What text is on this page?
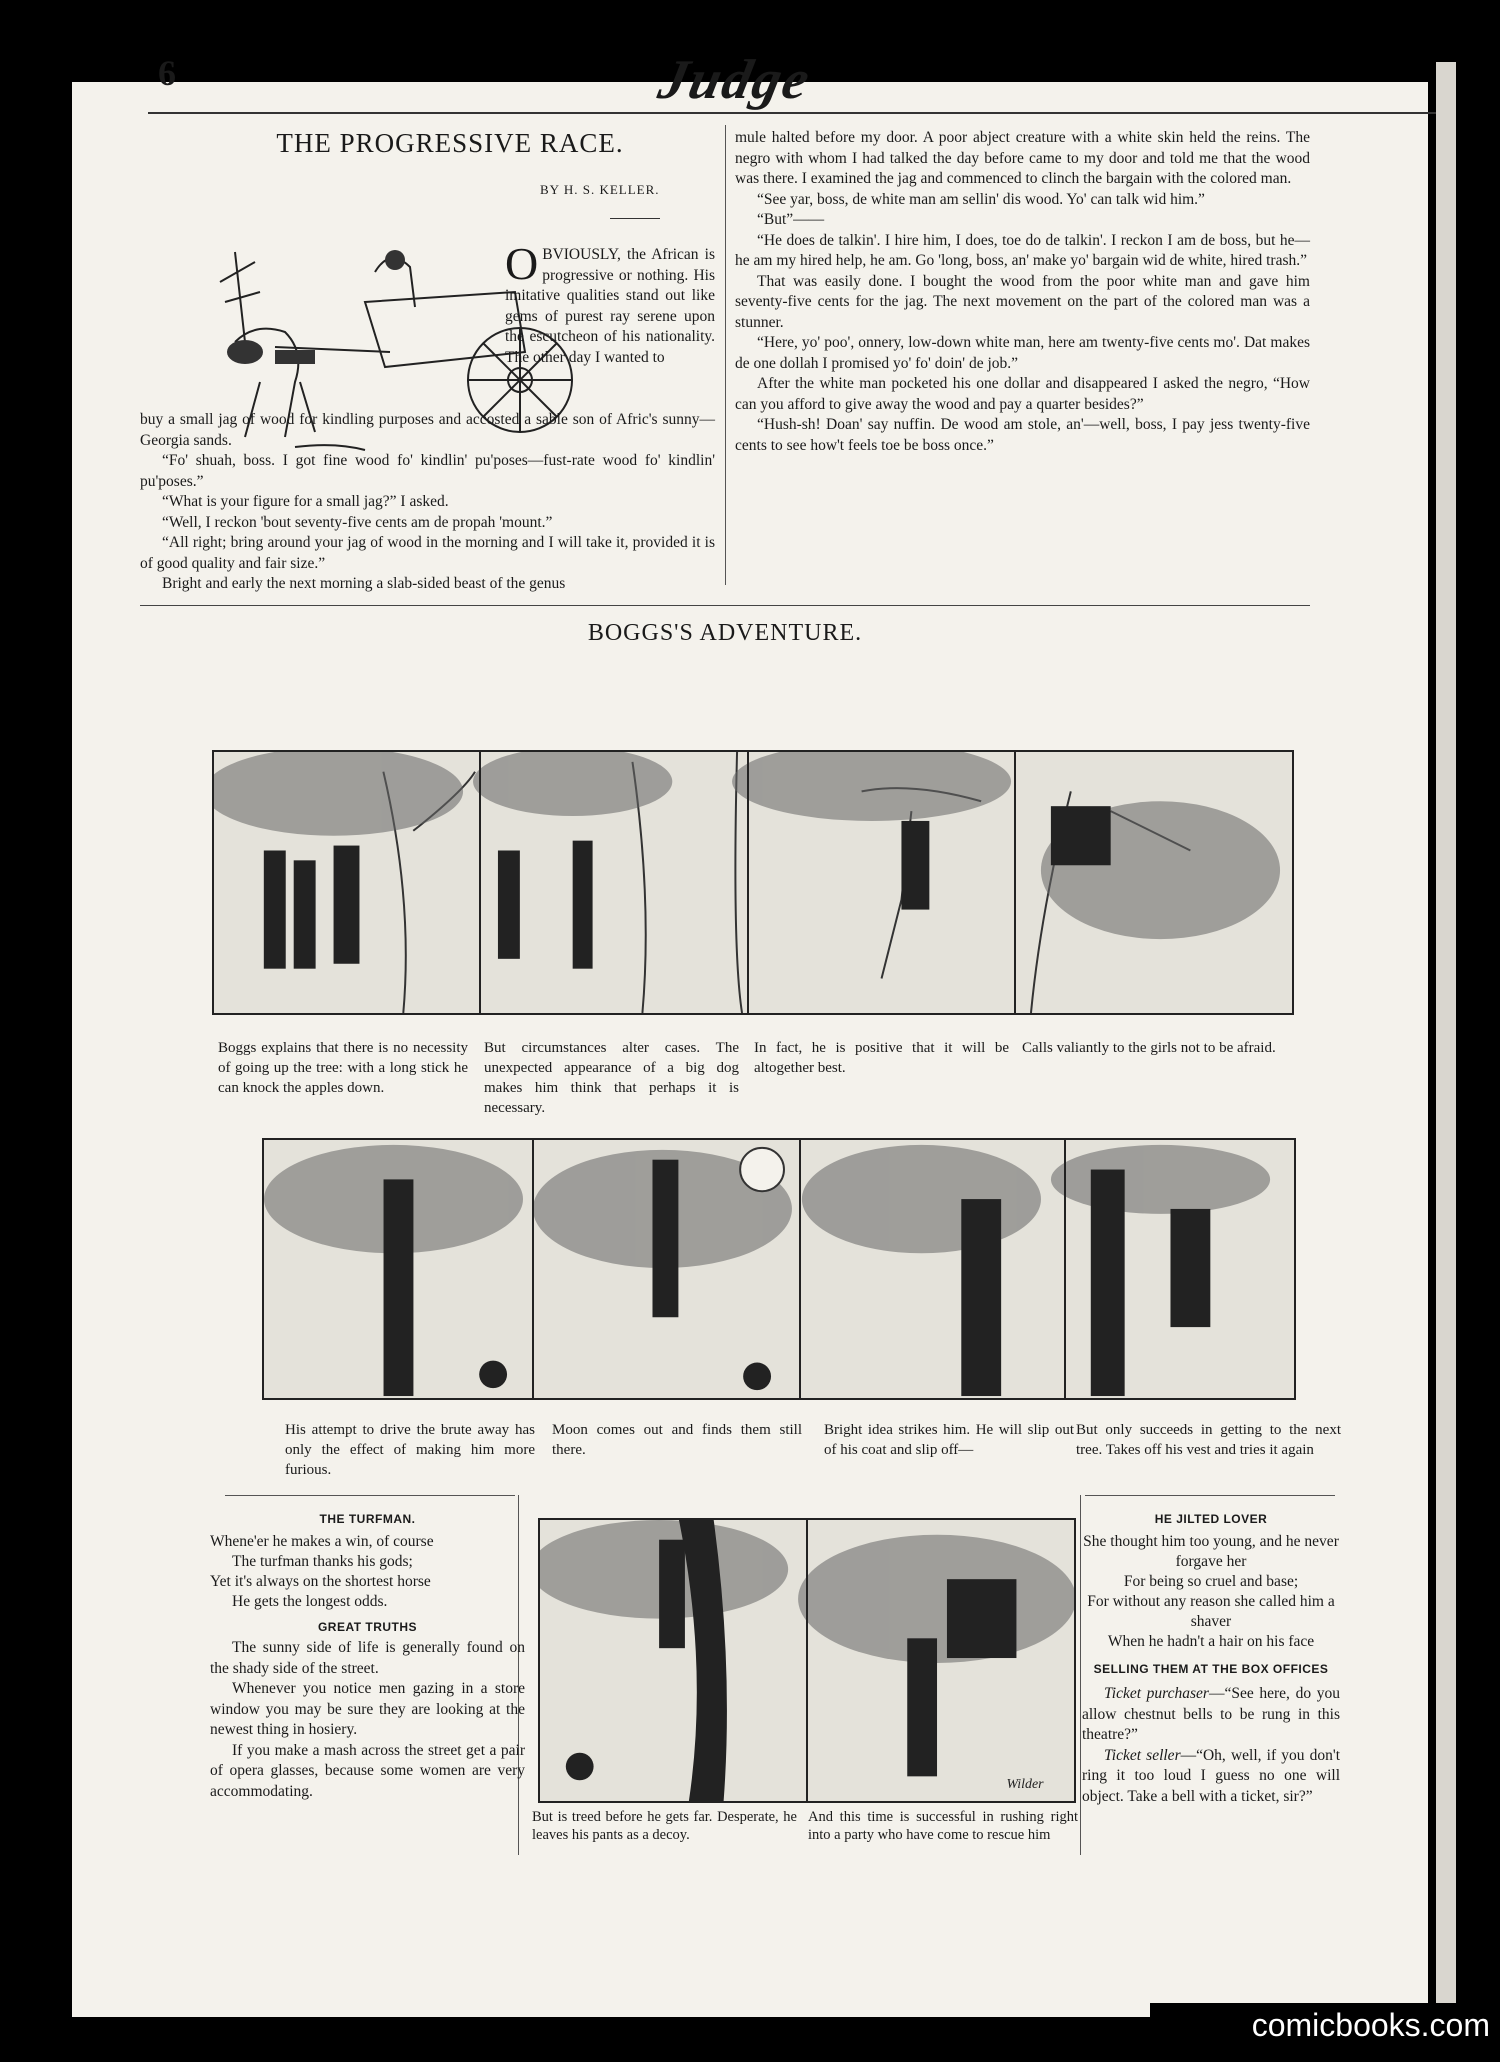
6	Judge
THE PROGRESSIVE RACE.
BY H. S. KELLER.
OBVIOUSLY, the African is progressive or nothing. His imitative qualities stand out like gems of purest ray serene upon the escutcheon of his nationality. The other day I wanted to

buy a small jag of wood for kindling purposes and accosted a sable son of Afric's sunny—Georgia sands.

“Fo' shuah, boss. I got fine wood fo' kindlin' pu'poses—fust-rate wood fo' kindlin' pu'poses.”

“What is your figure for a small jag?” I asked.

“Well, I reckon 'bout seventy-five cents am de propah 'mount.”

“All right; bring around your jag of wood in the morning and I will take it, provided it is of good quality and fair size.”

Bright and early the next morning a slab-sided beast of the genus

mule halted before my door. A poor abject creature with a white skin held the reins. The negro with whom I had talked the day before came to my door and told me that the wood was there. I examined the jag and commenced to clinch the bargain with the colored man.

“See yar, boss, de white man am sellin' dis wood. Yo' can talk wid him.”

“But”——

“He does de talkin'. I hire him, I does, toe do de talkin'. I reckon I am de boss, but he—he am my hired help, he am. Go 'long, boss, an' make yo' bargain wid de white, hired trash.”

That was easily done. I bought the wood from the poor white man and gave him seventy-five cents for the jag. The next movement on the part of the colored man was a stunner.

“Here, yo' poo', onnery, low-down white man, here am twenty-five cents mo'. Dat makes de one dollah I promised yo' fo' doin' de job.”

After the white man pocketed his one dollar and disappeared I asked the negro, “How can you afford to give away the wood and pay a quarter besides?”

“Hush-sh! Doan' say nuffin. De wood am stole, an'—well, boss, I pay jess twenty-five cents to see how't feels toe be boss once.”

BOGGS'S ADVENTURE.

Boggs explains that there is no necessity of going up the tree: with a long stick he can knock the apples down.

But circumstances alter cases. The unexpected appearance of a big dog makes him think that perhaps it is necessary.

In fact, he is positive that it will be altogether best.

Calls valiantly to the girls not to be afraid.

His attempt to drive the brute away has only the effect of making him more furious.

Moon comes out and finds them still there.

Bright idea strikes him. He will slip out of his coat and slip off—

But only succeeds in getting to the next tree. Takes off his vest and tries it again

THE TURFMAN.

Whene'er he makes a win, of course
The turfman thanks his gods;
Yet it's always on the shortest horse
He gets the longest odds.

GREAT TRUTHS

The sunny side of life is generally found on the shady side of the street.

Whenever you notice men gazing in a store window you may be sure they are looking at the newest thing in hosiery.

If you make a mash across the street get a pair of opera glasses, because some women are very accommodating.	Wilder

But is treed before he gets far. Desperate, he leaves his pants as a decoy.

And this time is successful in rushing right into a party who have come to rescue him

HE JILTED LOVER

She thought him too young, and he never forgave her
For being so cruel and base;
For without any reason she called him a shaver
When he hadn't a hair on his face

SELLING THEM AT THE BOX OFFICES

Ticket purchaser—“See here, do you allow chestnut bells to be rung in this theatre?”

Ticket seller—“Oh, well, if you don't ring it too loud I guess no one will object. Take a bell with a ticket, sir?”

comicbooks.com
